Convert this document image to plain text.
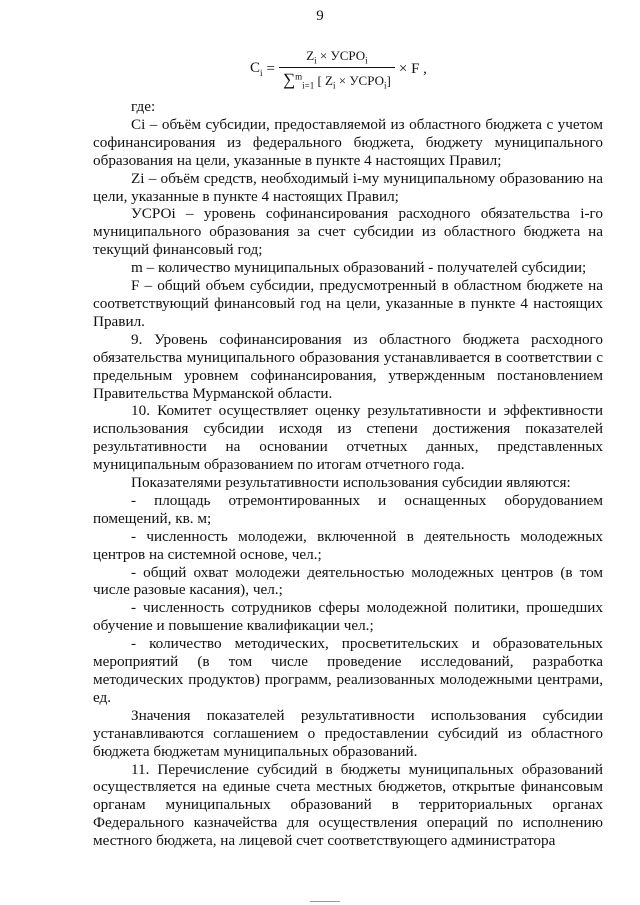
9
$C_i = \frac{Z_i \times УСРО_i}{\sum^m_{i=1} [ Z_i \times УСРО_i]} \times F$ ,

где:

Ci – объём субсидии, предоставляемой из областного бюджета с учетом софинансирования из федерального бюджета, бюджету муниципального образования на цели, указанные в пункте 4 настоящих Правил;

Zi – объём средств, необходимый i-му муниципальному образованию на цели, указанные в пункте 4 настоящих Правил;

УСРОi – уровень софинансирования расходного обязательства i-го муниципального образования за счет субсидии из областного бюджета на текущий финансовый год;

m – количество муниципальных образований - получателей субсидии;

F – общий объем субсидии, предусмотренный в областном бюджете на соответствующий финансовый год на цели, указанные в пункте 4 настоящих Правил.

9. Уровень софинансирования из областного бюджета расходного обязательства муниципального образования устанавливается в соответствии с предельным уровнем софинансирования, утвержденным постановлением Правительства Мурманской области.

10. Комитет осуществляет оценку результативности и эффективности использования субсидии исходя из степени достижения показателей результативности на основании отчетных данных, представленных муниципальным образованием по итогам отчетного года.

Показателями результативности использования субсидии являются:

- площадь отремонтированных и оснащенных оборудованием помещений, кв. м;

- численность молодежи, включенной в деятельность молодежных центров на системной основе, чел.;

- общий охват молодежи деятельностью молодежных центров (в том числе разовые касания), чел.;

- численность сотрудников сферы молодежной политики, прошедших обучение и повышение квалификации чел.;

- количество методических, просветительских и образовательных мероприятий (в том числе проведение исследований, разработка методических продуктов) программ, реализованных молодежными центрами, ед.

Значения показателей результативности использования субсидии устанавливаются соглашением о предоставлении субсидий из областного бюджета бюджетам муниципальных образований.

11. Перечисление субсидий в бюджеты муниципальных образований осуществляется на единые счета местных бюджетов, открытые финансовым органам муниципальных образований в территориальных органах Федерального казначейства для осуществления операций по исполнению местного бюджета, на лицевой счет соответствующего администратора
